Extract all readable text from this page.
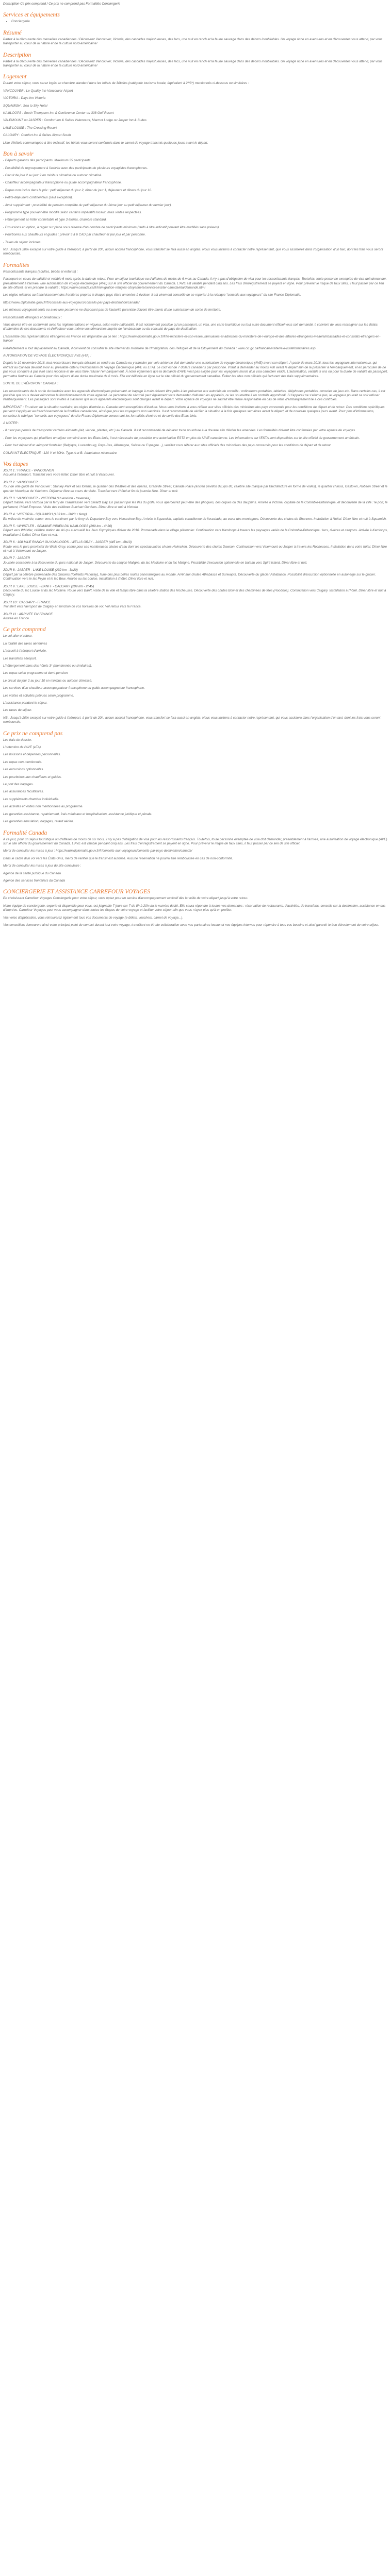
Description Ce prix comprend / Ce prix ne comprend pas Formalités Conciergerie

Services et équipements
• Conciergerie
Résumé

Partez à la découverte des merveilles canadiennes ! Découvrez Vancouver, Victoria, des cascades majestueuses, des lacs, une nuit en ranch et la faune sauvage dans des décors inoubliables. Un voyage riche en aventures et en découvertes vous attend, par vous transporter au cœur de la nature et de la culture nord-américaine!

Description

Partez à la découverte des merveilles canadiennes ! Découvrez Vancouver, Victoria, des cascades majestueuses, des lacs, une nuit en ranch et la faune sauvage dans des décors inoubliables. Un voyage riche en aventures et en découvertes vous attend, par vous transporter au cœur de la nature et de la culture nord-américaine!

Logement

Durant votre séjour, vous serez logés en chambre standard dans les hôtels de 3étoiles (catégorie tourisme locale, équivalent à 2*/3*) mentionnés ci-dessous ou similaires :

VANCOUVER : Le Quality Inn Vancouver Airport

VICTORIA : Days Inn Victoria

SQUAMISH : Sea to Sky Hotel

KAMLOOPS : South Thompson Inn & Conference Center ou 308 Golf Resort

VALEMOUNT ou JASPER : Comfort Inn & Suites Valemount, Marmot Lodge ou Jasper Inn & Suites

LAKE LOUISE : The Crossing Resort

CALGARY : Comfort Inn & Suites Airport South

Liste d'hôtels communiquée à titre indicatif, les hôtels vous seront confirmés dans le carnet de voyage transmis quelques jours avant le départ.

Bon à savoir

- Départs garantis dès participants. Maximum 35 participants.

- Possibilité de regroupement à l'arrivée avec des participants de plusieurs voyagistes francophones.

- Circuit de jour 2 au jour 9 en minibus climatisé ou autocar climatisé.

- Chauffeur accompagnateur francophone ou guide accompagnateur francophone.

- Repas non inclus dans le prix : petit déjeuner du jour 2, dîner du jour 1, déjeuners et dîners du jour 10.

- Petits-déjeuners continentaux (sauf exception).

- Avoir supplément : possibilité de pension complète du petit déjeuner du 2ème jour au petit déjeuner du dernier jour).

- Programme type pouvant être modifié selon certains impératifs locaux, mais visites respectées.

- Hébergement en hôtel confortable et type 3 étoiles, chambre standard.

- Excursions en option, à régler sur place sous réserve d'un nombre de participants minimum (tarifs à titre indicatif pouvant être modifiés sans préavis).

- Pourboires aux chauffeurs et guides : prévoir 5 à 6 CAD par chauffeur et par jour et par personne.

- Taxes de séjour incluses.

NB : Jusqu'à 20% excepté sur votre guide à l'aéroport, à partir de 20h, aucun accueil francophone, vous transfert se fera aussi en anglais. Nous vous invitons à contacter notre représentant, que vous assisterez dans l'organisation d'un taxi, dont les frais vous seront remboursés.

Formalités

Ressortissants français (adultes, bébés et enfants) :

Passeport en cours de validité et valable 6 mois après la date de retour. Pour un séjour touristique ou d'affaires de moins de 6 mois au Canada, il n'y a pas d'obligation de visa pour les ressortissants français. Toutefois, toute personne exemptée de visa doit demander, préalablement à l'arrivée, une autorisation de voyage électronique (AVE) sur le site officiel du gouvernement du Canada. L'AVE est valable pendant cinq ans. Les frais d'enregistrement se payent en ligne. Pour prévenir le risque de faux sites, il faut passer par ce lien de site officiel, et en prendre la validité : https://www.canada.ca/fr/immigration-refugies-citoyennete/services/visiter-canada/eta/demande.html

Les règles relatives au franchissement des frontières propres à chaque pays étant amenées à évoluer, il est vivement conseillé de se reporter à la rubrique "conseils aux voyageurs" du site France Diplomatie.

https://www.diplomatie.gouv.fr/fr/conseils-aux-voyageurs/conseils-par-pays-destination/canada/

Les mineurs voyageant seuls ou avec une personne ne disposant pas de l'autorité parentale doivent être munis d'une autorisation de sortie de territoire.

Ressortissants étrangers et binationaux :

Vous devrez être en conformité avec les réglementations en vigueur, selon votre nationalité. Il est notamment possible qu'un passeport, un visa, une carte touristique ou tout autre document officiel vous soit demandé. Il convient de vous renseigner sur les délais d'obtention de ces documents et d'effectuer vous-même vos démarches auprès de l'ambassade ou du consulat du pays de destination.

L'ensemble des représentations étrangères en France est disponible via ce lien : https://www.diplomatie.gouv.fr/fr/le-ministere-et-son-reseau/annuaires-et-adresses-du-ministere-de-l-europe-et-des-affaires-etrangeres-meae/ambassades-et-consulats-etrangers-en-france/

Préalablement à tout déplacement au Canada, il convient de consulter le site internet du ministère de l'Immigration, des Réfugiés et de la Citoyenneté du Canada : www.cic.gc.ca/francais/visiter/exi-visiteformulaires.asp

AUTORISATION DE VOYAGE ÉLECTRONIQUE AVE (eTA) :

Depuis le 10 novembre 2016, tout ressortissant français désirant se rendre au Canada ou y transiter par voie aérienne doit demander une autorisation de voyage électronique (AVE) avant son départ. À partir de mars 2016, tous les voyageurs internationaux, qui entrent au Canada devront avoir au préalable obtenu l'Autorisation de Voyage Électronique (AVE ou ETA). Le coût est de 7 dollars canadiens par personne. Il faut la demander au moins 48h avant le départ afin de la présenter à l'embarquement, et en particulier de ne pas vous conduire à pas livré sans réponse et de vous faire refuser l'embarquement. À noter également que la demande d'AVE n'est pas exigée pour les voyageurs munis d'un visa canadien valide. L'autorisation, valable 5 ans ou pour la durée de validité du passeport, permettra l'entrée au Canada pour des séjours d'une durée maximale de 6 mois. Elle est délivrée en ligne sur le site officiel du gouvernement canadien. Évitez les sites non officiels qui facturent des frais supplémentaires.

SORTIE DE L'AÉROPORT CANADA :

Les ressortissants de la sortie du territoire avec les appareils électroniques présentant un bagage à main doivent être prêts à les présenter aux autorités de contrôle : ordinateurs portables, tablettes, téléphones portables, consoles de jeux etc. Dans certains cas, il est possible que vous deviez démontrer le fonctionnement de votre appareil. Le personnel de sécurité peut également vous demander d'allumer les appareils, ou les soumettre à un contrôle approfondi. Si l'appareil ne s'allume pas, le voyageur pourrait se voir refuser l'embarquement. Les passagers sont invités à s'assurer que leurs appareils électroniques sont chargés avant le départ. Votre agence de voyages ne saurait être tenue responsable en cas de refus d'embarquement lié à ces contrôles.

IMPORTANT : En raison de la situation sanitaire, les règles d'entrée au Canada sont susceptibles d'évoluer. Nous vous invitons à vous référer aux sites officiels des ministères des pays concernés pour les conditions de départ et de retour. Des conditions spécifiques peuvent s'appliquer au franchissement de la frontière canadienne, ainsi que pour les voyageurs non vaccinés. Il est recommandé de vérifier la situation à la fois quelques semaines avant le départ, et de nouveau quelques jours avant. Pour plus d'informations, consultez la rubrique "conseils aux voyageurs" du site France Diplomatie concernant les formalités d'entrée et de sortie des États-Unis.

A NOTER :

- Il n'est pas permis de transporter certains aliments (lait, viande, plantes, etc.) au Canada. Il est recommandé de déclarer toute nourriture à la douane afin d'éviter les amendes. Les formalités doivent être confirmées par votre agence de voyages.

- Pour les voyageurs qui planifient un séjour combiné avec les États-Unis, il est nécessaire de posséder une autorisation ESTA en plus de l'AVE canadienne. Les informations sur l'ESTA sont disponibles sur le site officiel du gouvernement américain.

- Pour tout départ d'un aéroport frontalier (Belgique, Luxembourg, Pays-Bas, Allemagne, Suisse ou Espagne...), veuillez vous référer aux sites officiels des ministères des pays concernés pour les conditions de départ et de retour.

COURANT ÉLECTRIQUE : 120 V et 60Hz. Type A et B. Adaptateur nécessaire.

Vos étapes
JOUR 1 : FRANCE - VANCOUVER
Accueil à l'aéroport. Transfert vers votre hôtel. Dîner libre et nuit à Vancouver.
JOUR 2 : VANCOUVER
Tour de ville guidé de Vancouver : Stanley Park et ses totems, le quartier des théâtres et des opéras, Granville Street, Canada Place (ancien pavillon d'Expo 86, célèbre site marqué par l'architecture en forme de voiles), le quartier chinois, Gastown, Robson Street et le quartier historique de Yaletown. Déjeuner libre en cours de visite. Transfert vers l'hôtel et fin de journée libre. Dîner et nuit.
JOUR 3 : VANCOUVER - VICTORIA (1h environ - traversée)
Départ matinal vers Victoria par la ferry de Tsawwassen vers Swartz Bay. En passant par les îles du golfe, vous apercevrez peut-être des phoques, des orques ou des dauphins. Arrivée à Victoria, capitale de la Colombie-Britannique, et découverte de la ville : le port, le parlement, l'hôtel Empress. Visite des célèbres Butchart Gardens. Dîner libre et nuit à Victoria.
JOUR 4 : VICTORIA - SQUAMISH (103 km - 2h20 + ferry)
En milieu de matinée, retour vers le continent par le ferry de Departure Bay vers Horseshoe Bay. Arrivée à Squamish, capitale canadienne de l'escalade, au cœur des montagnes. Découverte des chutes de Shannon. Installation à l'hôtel. Dîner libre et nuit à Squamish.
JOUR 5 : WHISTLER - SEMAINE INDIEN DU KAMLOOPS (299 km - 4h30)
Départ vers Whistler, célèbre station de ski qui a accueilli les Jeux Olympiques d'hiver de 2010. Promenade dans le village piétonnier. Continuation vers Kamloops à travers les paysages variés de la Colombie-Britannique : lacs, rivières et canyons. Arrivée à Kamloops, installation à l'hôtel. Dîner libre et nuit.
JOUR 6 : 108 MILE RANCH OU KAMLOOPS - WELLS GRAY - JASPER (445 km - 6h10)
Route vers le parc provincial de Wells Gray, connu pour ses nombreuses chutes d'eau dont les spectaculaires chutes Helmcken. Découverte des chutes Dawson. Continuation vers Valemount ou Jasper à travers les Rocheuses. Installation dans votre hôtel. Dîner libre et nuit à Valemount ou Jasper.
JOUR 7 : JASPER
Journée consacrée à la découverte du parc national de Jasper. Découverte du canyon Maligne, du lac Medicine et du lac Maligne. Possibilité d'excursion optionnelle en bateau vers Spirit Island. Dîner libre et nuit.
JOUR 8 : JASPER - LAKE LOUISE (232 km - 3h20)
Départ par la célèbre promenade des Glaciers (Icefields Parkway), l'une des plus belles routes panoramiques au monde. Arrêt aux chutes Athabasca et Sunwapta. Découverte du glacier Athabasca. Possibilité d'excursion optionnelle en autoneige sur le glacier. Continuation vers le lac Peyto et le lac Bow. Arrivée au lac Louise. Installation à l'hôtel. Dîner libre et nuit.
JOUR 9 : LAKE LOUISE - BANFF - CALGARY (209 km - 2h45)
Découverte du lac Louise et du lac Moraine. Route vers Banff, visite de la ville et temps libre dans la célèbre station des Rocheuses. Découverte des chutes Bow et des cheminées de fées (Hoodoos). Continuation vers Calgary. Installation à l'hôtel. Dîner libre et nuit à Calgary.
JOUR 10 : CALGARY - FRANCE
Transfert vers l'aéroport de Calgary en fonction de vos horaires de vol. Vol retour vers la France.
JOUR 11 : ARRIVÉE EN FRANCE
Arrivée en France.
Ce prix comprend

Le vol aller et retour.

La totalité des taxes aériennes

L'accueil à l'aéroport d'arrivée.

Les transferts aéroport.

L'hébergement dans des hôtels 3* (mentionnés ou similaires).

Les repas selon programme et demi-pension.

Le circuit du jour 2 au jour 10 en minibus ou autocar climatisé.

Les services d'un chauffeur accompagnateur francophone ou guide accompagnateur francophone.

Les visites et activités prévues selon programme.

L'assistance pendant le séjour.

Les taxes de séjour.

NB : Jusqu'à 20% excepté sur votre guide à l'aéroport, à partir de 20h, aucun accueil francophone, vous transfert se fera aussi en anglais. Nous vous invitons à contacter notre représentant, qui vous assistera dans l'organisation d'un taxi, dont les frais vous seront remboursés.

Ce prix ne comprend pas

Les frais de dossier.

L'obtention de l'AVE (eTA).

Les boissons et dépenses personnelles.

Les repas non mentionnés.

Les excursions optionnelles.

Les pourboires aux chauffeurs et guides.

Le port des bagages.

Les assurances facultatives.

Les suppléments chambre individuelle.

Les activités et visites non mentionnées au programme.

Les garanties assistance, rapatriement, frais médicaux et hospitalisation, assistance juridique et pénale.

Les garanties annulation, bagages, retard aérien.

Formalité Canada

A ce jour, pour un séjour touristique ou d'affaires de moins de six mois, il n'y a pas d'obligation de visa pour les ressortissants français. Toutefois, toute personne exemptée de visa doit demander, préalablement à l'arrivée, une autorisation de voyage électronique (AVE) sur le site officiel du gouvernement du Canada. L'AVE est valable pendant cinq ans. Les frais d'enregistrement se payent en ligne. Pour prévenir le risque de faux sites, il faut passer par ce lien de site officiel.

Merci de consulter les mises à jour : https://www.diplomatie.gouv.fr/fr/conseils-aux-voyageurs/conseils-par-pays-destination/canada/

Dans le cadre d'un vol vers les États-Unis, merci de vérifier que le transit est autorisé. Aucune réservation ne pourra être remboursée en cas de non-conformité.

Merci de consulter les mises à jour du site consulaire :

Agence de la santé publique du Canada

Agence des services frontaliers du Canada

CONCIERGERIE ET ASSISTANCE CARREFOUR VOYAGES

En choisissant Carrefour Voyages Conciergerie pour votre séjour, vous optez pour un service d'accompagnement exclusif dès la veille de votre départ jusqu'à votre retour.

Notre équipe de conciergerie, experte et disponible pour vous, est joignable 7 jours sur 7 de 8h à 20h via le numéro dédié. Elle saura répondre à toutes vos demandes : réservation de restaurants, d'activités, de transferts, conseils sur la destination, assistance en cas d'imprévu. Carrefour Voyages peut vous accompagner dans toutes les étapes de votre voyage et faciliter votre séjour afin que vous n'ayez plus qu'à en profiter.

Vos voies d'application, vous retrouverez également tous vos documents de voyage (e-billets, vouchers, carnet de voyage...).

Vos conseillers demeurent ainsi votre principal point de contact durant tout votre voyage, travaillant en étroite collaboration avec nos partenaires locaux et nos équipes internes pour répondre à tous vos besoins et ainsi garantir le bon déroulement de votre séjour.
